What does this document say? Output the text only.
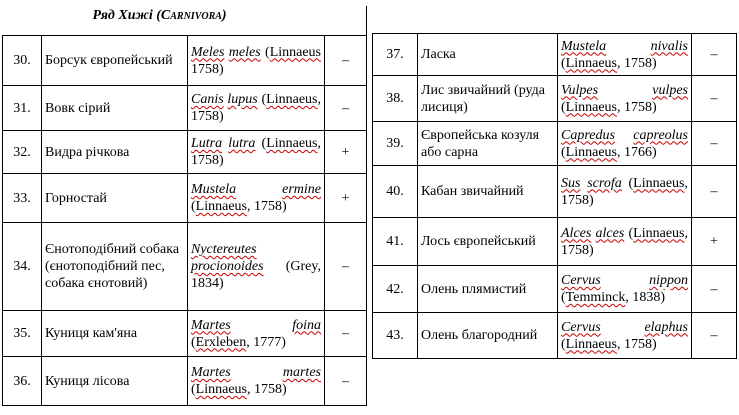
	Ряд Хижі (CARNIVORA)		

30.	Борсук європейський	Meles meles (Linnaeus 1758)	–
31.	Вовк сірий	Canis lupus (Linnaeus, 1758)	–
32.	Видра річкова	Lutra lutra (Linnaeus, 1758)	+
33.	Горностай	Mustela ermine (Linnaeus, 1758)	+
34.	Єнотоподібний собака (єнотоподібний пес, собака єнотовий)	Nyctereutes procionoides (Grey, 1834)	–
35.	Куниця кам'яна	Martes foina (Erxleben, 1777)	–
36.	Куниця лісова	Martes martes (Linnaeus, 1758)	–
37.	Ласка	Mustela nivalis (Linnaeus, 1758)	–
38.	Лис звичайний (руда лисиця)	Vulpes vulpes (Linnaeus, 1758)	–
39.	Європейська козуля або сарна	Capredus capreolus (Linnaeus, 1766)	–
40.	Кабан звичайний	Sus scrofa (Linnaeus, 1758)	–
41.	Лось європейський	Alces alces (Linnaeus, 1758)	+
42.	Олень плямистий	Cervus nippon (Temminck, 1838)	–
43.	Олень благородний	Cervus elaphus (Linnaeus, 1758)	–
